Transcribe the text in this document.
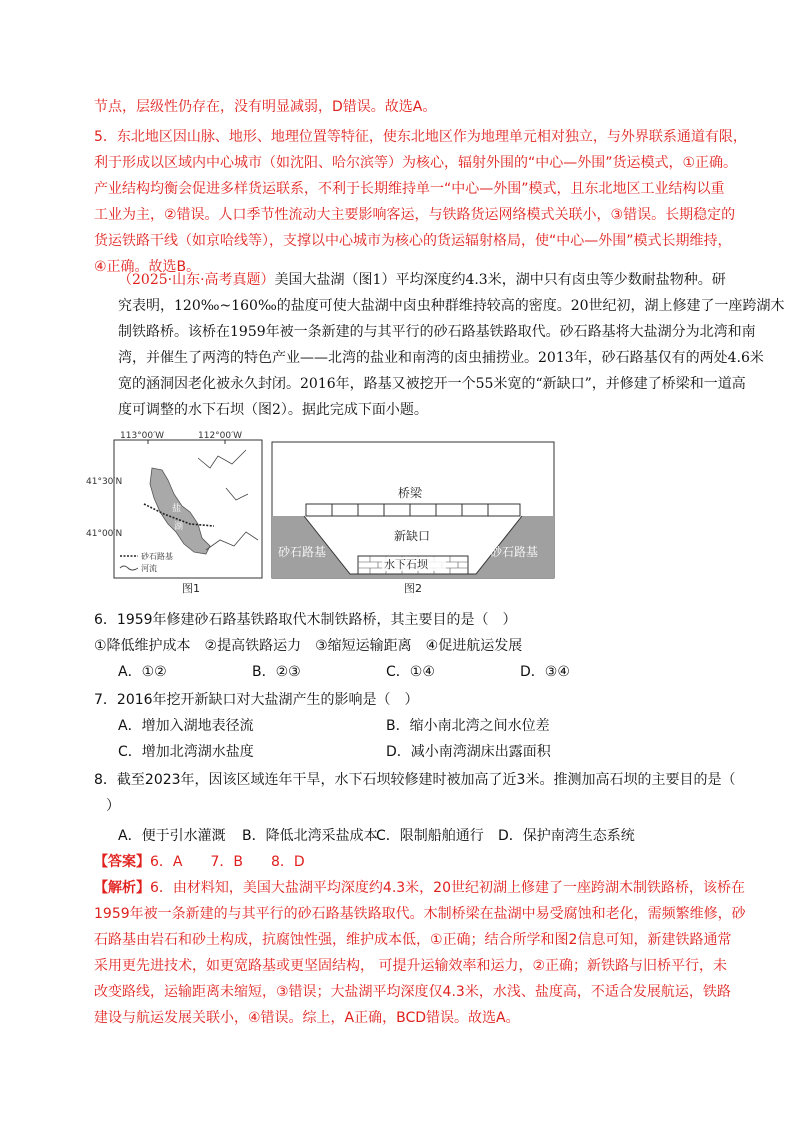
节点，层级性仍存在，没有明显减弱，D错误。故选A。
5．东北地区因山脉、地形、地理位置等特征，使东北地区作为地理单元相对独立，与外界联系通道有限，
利于形成以区域内中心城市（如沈阳、哈尔滨等）为核心，辐射外围的“中心—外围”货运模式，①正确。
产业结构均衡会促进多样货运联系，不利于长期维持单一“中心—外围”模式，且东北地区工业结构以重
工业为主，②错误。人口季节性流动大主要影响客运，与铁路货运网络模式关联小，③错误。长期稳定的
货运铁路干线（如京哈线等），支撑以中心城市为核心的货运辐射格局，使“中心—外围”模式长期维持，
④正确。故选B。
（2025·山东·高考真题）美国大盐湖（图1）平均深度约4.3米，湖中只有卤虫等少数耐盐物种。研
究表明，120‰~160‰的盐度可使大盐湖中卤虫种群维持较高的密度。20世纪初，湖上修建了一座跨湖木
制铁路桥。该桥在1959年被一条新建的与其平行的砂石路基铁路取代。砂石路基将大盐湖分为北湾和南
湾，并催生了两湾的特色产业——北湾的盐业和南湾的卤虫捕捞业。2013年，砂石路基仅有的两处4.6米
宽的涵洞因老化被永久封闭。2016年，路基又被挖开一个55米宽的“新缺口”，并修建了桥梁和一道高
度可调整的水下石坝（图2）。据此完成下面小题。
113°00′W	112°00′W
41°30′N
41°00′N
盐
湖
砂石路基
河流
图1
桥梁
新缺口
水下石坝
砂石路基	砂石路基
图2
6．1959年修建砂石路基铁路取代木制铁路桥，其主要目的是（　）
①降低维护成本　②提高铁路运力　③缩短运输距离　④促进航运发展
A．①②	B．②③	C．①④	D．③④
7．2016年挖开新缺口对大盐湖产生的影响是（　）
A．增加入湖地表径流	B．缩小南北湾之间水位差
C．增加北湾湖水盐度	D．减小南湾湖床出露面积
8．截至2023年，因该区域连年干旱，水下石坝较修建时被加高了近3米。推测加高石坝的主要目的是（
）
A．便于引水灌溉 B．降低北湾采盐成本
C．限制船舶通行 D．保护南湾生态系统
【答案】6．A　　7．B　　8．D
【解析】6．由材料知，美国大盐湖平均深度约4.3米，20世纪初湖上修建了一座跨湖木制铁路桥，该桥在
1959年被一条新建的与其平行的砂石路基铁路取代。木制桥梁在盐湖中易受腐蚀和老化，需频繁维修，砂
石路基由岩石和砂土构成，抗腐蚀性强，维护成本低，①正确；结合所学和图2信息可知，新建铁路通常
采用更先进技术，如更宽路基或更坚固结构， 可提升运输效率和运力，②正确；新铁路与旧桥平行，未
改变路线，运输距离未缩短，③错误；大盐湖平均深度仅4.3米，水浅、盐度高，不适合发展航运，铁路
建设与航运发展关联小，④错误。综上，A正确，BCD错误。故选A。
